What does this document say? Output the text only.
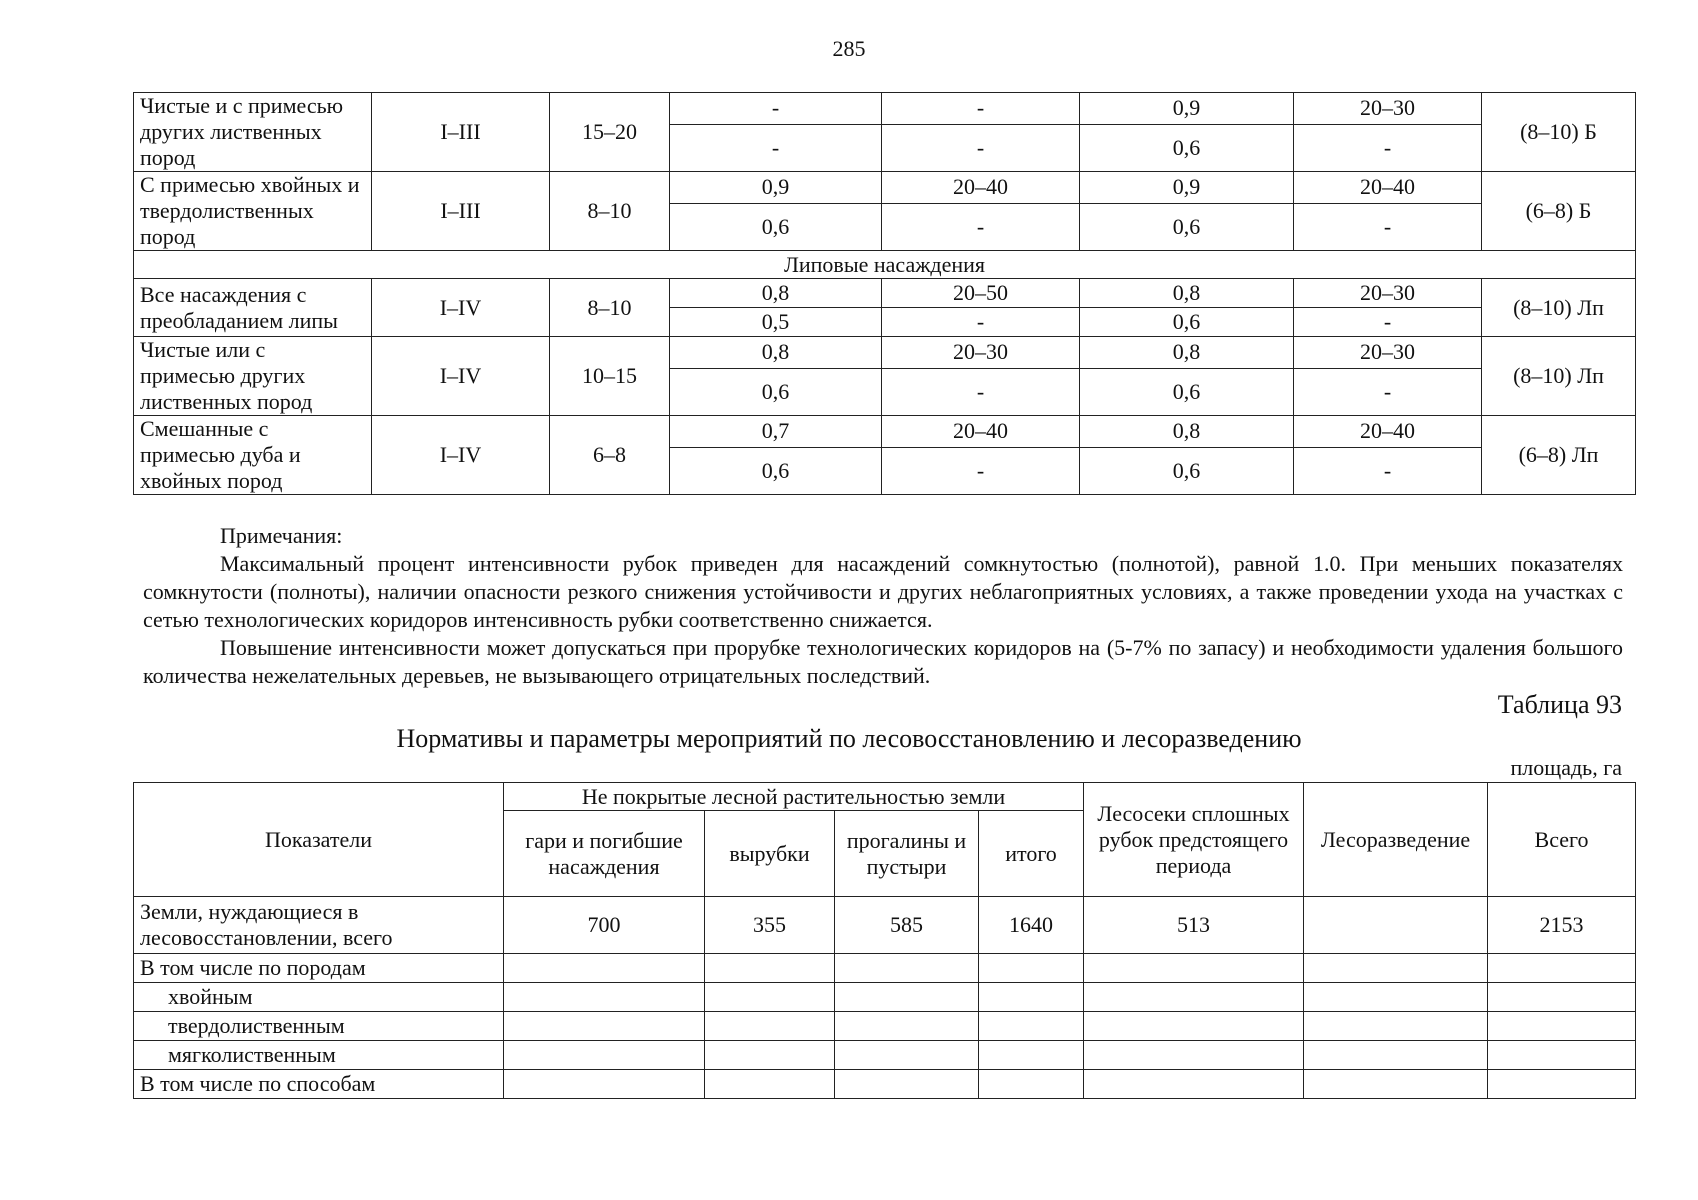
285
Чистые и с примесью других лиственных пород	I–III	15–20	-	-	0,9	20–30	(8–10) Б
			-	-	0,6	-	
С примесью хвойных и твердолиственных пород	I–III	8–10	0,9	20–40	0,9	20–40	(6–8) Б
			0,6	-	0,6	-	
Липовые насаждения							
Все насаждения с преобладанием липы	I–IV	8–10	0,8	20–50	0,8	20–30	(8–10) Лп
			0,5	-	0,6	-	
Чистые или с примесью других лиственных пород	I–IV	10–15	0,8	20–30	0,8	20–30	(8–10) Лп
			0,6	-	0,6	-	
Смешанные с примесью дуба и хвойных пород	I–IV	6–8	0,7	20–40	0,8	20–40	(6–8) Лп
			0,6	-	0,6	-	

Примечания:

Максимальный процент интенсивности рубок приведен для насаждений сомкнутостью (полнотой), равной 1.0. При меньших показателях сомкнутости (полноты), наличии опасности резкого снижения устойчивости и других неблагоприятных условиях, а также проведении ухода на участках с сетью технологических коридоров интенсивность рубки соответственно снижается.

Повышение интенсивности может допускаться при прорубке технологических коридоров на (5-7% по запасу) и необходимости удаления большого количества нежелательных деревьев, не вызывающего отрицательных последствий.

Таблица 93
Нормативы и параметры мероприятий по лесовосстановлению и лесоразведению
площадь, га
Показатели	Не покрытые лесной растительностью земли				Лесосеки сплошных рубок предстоящего периода	Лесоразведение	Всего
	гари и погибшие насаждения	вырубки	прогалины и пустыри	итого			
Земли, нуждающиеся в лесовосстановлении, всего	700	355	585	1640	513		2153
В том числе по породам							
хвойным							
твердолиственным							
мягколиственным							
В том числе по способам							
